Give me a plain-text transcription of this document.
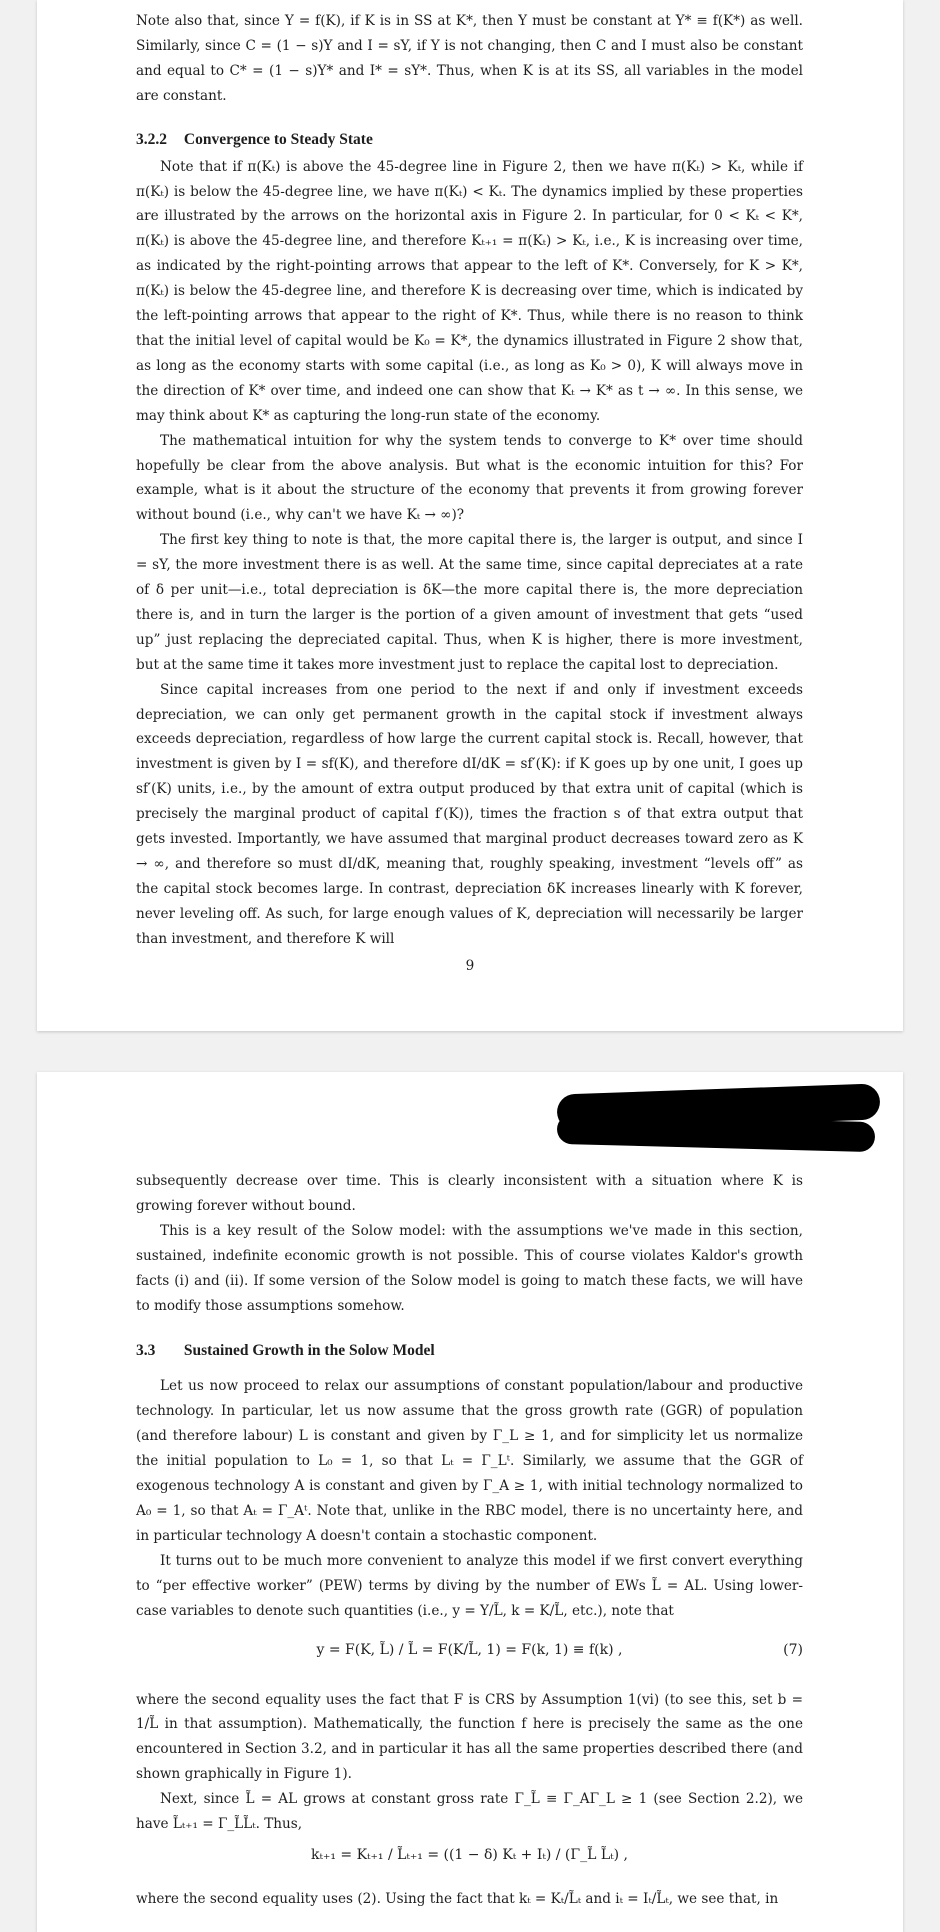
Note also that, since Y = f(K), if K is in SS at K*, then Y must be constant at Y* ≡ f(K*) as well. Similarly, since C = (1 − s)Y and I = sY, if Y is not changing, then C and I must also be constant and equal to C* = (1 − s)Y* and I* = sY*. Thus, when K is at its SS, all variables in the model are constant.

3.2.2 Convergence to Steady State

Note that if π(Kₜ) is above the 45-degree line in Figure 2, then we have π(Kₜ) > Kₜ, while if π(Kₜ) is below the 45-degree line, we have π(Kₜ) < Kₜ. The dynamics implied by these properties are illustrated by the arrows on the horizontal axis in Figure 2. In particular, for 0 < Kₜ < K*, π(Kₜ) is above the 45-degree line, and therefore Kₜ₊₁ = π(Kₜ) > Kₜ, i.e., K is increasing over time, as indicated by the right-pointing arrows that appear to the left of K*. Conversely, for K > K*, π(Kₜ) is below the 45-degree line, and therefore K is decreasing over time, which is indicated by the left-pointing arrows that appear to the right of K*. Thus, while there is no reason to think that the initial level of capital would be K₀ = K*, the dynamics illustrated in Figure 2 show that, as long as the economy starts with some capital (i.e., as long as K₀ > 0), K will always move in the direction of K* over time, and indeed one can show that Kₜ → K* as t → ∞. In this sense, we may think about K* as capturing the long-run state of the economy.

The mathematical intuition for why the system tends to converge to K* over time should hopefully be clear from the above analysis. But what is the economic intuition for this? For example, what is it about the structure of the economy that prevents it from growing forever without bound (i.e., why can't we have Kₜ → ∞)?

The first key thing to note is that, the more capital there is, the larger is output, and since I = sY, the more investment there is as well. At the same time, since capital depreciates at a rate of δ per unit—i.e., total depreciation is δK—the more capital there is, the more depreciation there is, and in turn the larger is the portion of a given amount of investment that gets “used up” just replacing the depreciated capital. Thus, when K is higher, there is more investment, but at the same time it takes more investment just to replace the capital lost to depreciation.

Since capital increases from one period to the next if and only if investment exceeds depreciation, we can only get permanent growth in the capital stock if investment always exceeds depreciation, regardless of how large the current capital stock is. Recall, however, that investment is given by I = sf(K), and therefore dI/dK = sf′(K): if K goes up by one unit, I goes up sf′(K) units, i.e., by the amount of extra output produced by that extra unit of capital (which is precisely the marginal product of capital f′(K)), times the fraction s of that extra output that gets invested. Importantly, we have assumed that marginal product decreases toward zero as K → ∞, and therefore so must dI/dK, meaning that, roughly speaking, investment “levels off” as the capital stock becomes large. In contrast, depreciation δK increases linearly with K forever, never leveling off. As such, for large enough values of K, depreciation will necessarily be larger than investment, and therefore K will

9

subsequently decrease over time. This is clearly inconsistent with a situation where K is growing forever without bound.

This is a key result of the Solow model: with the assumptions we've made in this section, sustained, indefinite economic growth is not possible. This of course violates Kaldor's growth facts (i) and (ii). If some version of the Solow model is going to match these facts, we will have to modify those assumptions somehow.

3.3 Sustained Growth in the Solow Model

Let us now proceed to relax our assumptions of constant population/labour and productive technology. In particular, let us now assume that the gross growth rate (GGR) of population (and therefore labour) L is constant and given by Γ_L ≥ 1, and for simplicity let us normalize the initial population to L₀ = 1, so that Lₜ = Γ_Lᵗ. Similarly, we assume that the GGR of exogenous technology A is constant and given by Γ_A ≥ 1, with initial technology normalized to A₀ = 1, so that Aₜ = Γ_Aᵗ. Note that, unlike in the RBC model, there is no uncertainty here, and in particular technology A doesn't contain a stochastic component.

It turns out to be much more convenient to analyze this model if we first convert everything to “per effective worker” (PEW) terms by diving by the number of EWs L̃ = AL. Using lower-case variables to denote such quantities (i.e., y = Y/L̃, k = K/L̃, etc.), note that

y = F(K, L̃) / L̃ = F(K/L̃, 1) = F(k, 1) ≡ f(k) ,	(7)

where the second equality uses the fact that F is CRS by Assumption 1(vi) (to see this, set b = 1/L̃ in that assumption). Mathematically, the function f here is precisely the same as the one encountered in Section 3.2, and in particular it has all the same properties described there (and shown graphically in Figure 1).

Next, since L̃ = AL grows at constant gross rate Γ_L̃ ≡ Γ_AΓ_L ≥ 1 (see Section 2.2), we have L̃ₜ₊₁ = Γ_L̃L̃ₜ. Thus,

kₜ₊₁ = Kₜ₊₁ / L̃ₜ₊₁ = ((1 − δ) Kₜ + Iₜ) / (Γ_L̃ L̃ₜ) ,

where the second equality uses (2). Using the fact that kₜ = Kₜ/L̃ₜ and iₜ = Iₜ/L̃ₜ, we see that, in
